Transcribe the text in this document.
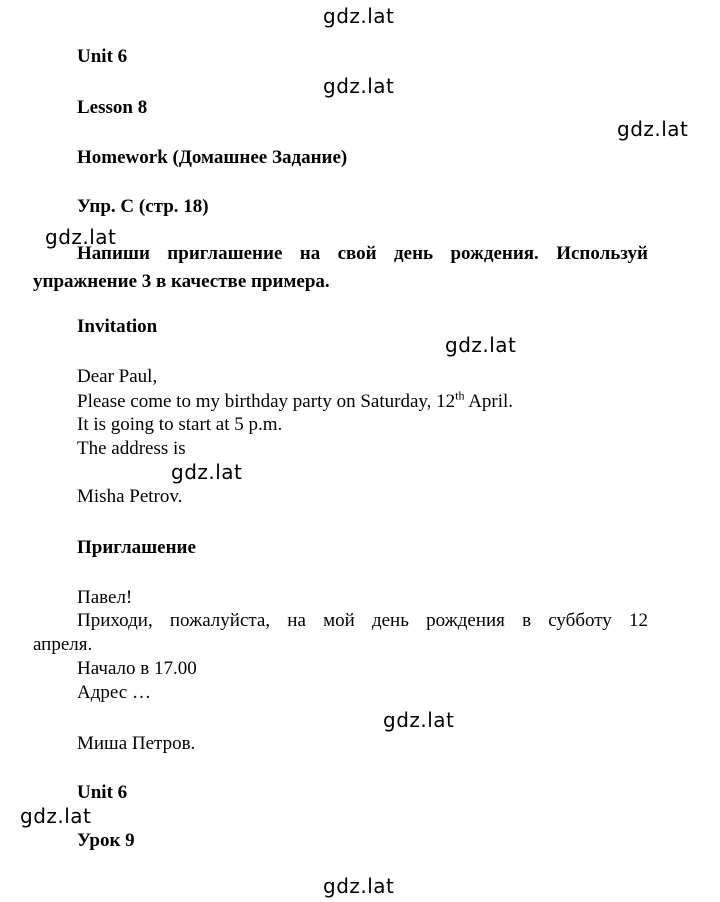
gdz.lat
gdz.lat
gdz.lat
gdz.lat
gdz.lat
gdz.lat
gdz.lat
gdz.lat
gdz.lat
Unit 6
Lesson 8
Homework (Домашнее Задание)
Упр. С (стр. 18)
Напиши приглашение на свой день рождения. Используй
упражнение 3 в качестве примера.
Invitation
Dear Paul,
Please come to my birthday party on Saturday, 12th April.
It is going to start at 5 p.m.
The address is
Misha Petrov.
Приглашение
Павел!
Приходи, пожалуйста, на мой день рождения в субботу 12
апреля.
Начало в 17.00
Адрес …
Миша Петров.
Unit 6
Урок 9
